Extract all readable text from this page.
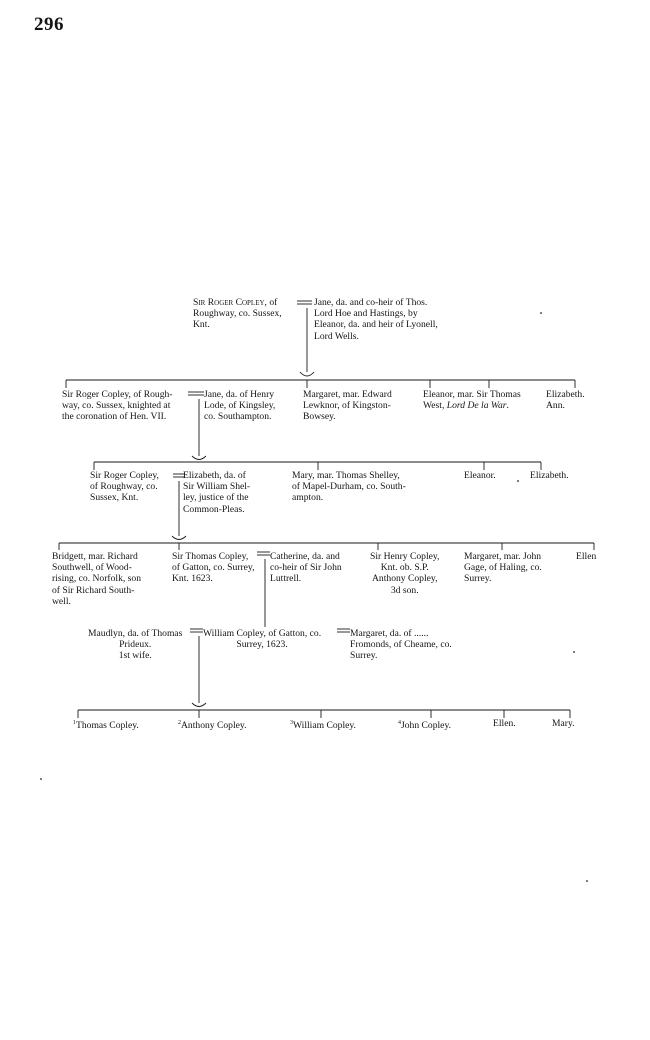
296
Sir Roger Copley, of
Roughway, co. Sussex,
Knt.
Jane, da. and co-heir of Thos.
Lord Hoe and Hastings, by
Eleanor, da. and heir of Lyonell,
Lord Wells.
Sir Roger Copley, of Rough-
way, co. Sussex, knighted at
the coronation of Hen. VII.
Jane, da. of Henry
Lode, of Kingsley,
co. Southampton.
Margaret, mar. Edward
Lewknor, of Kingston-
Bowsey.
Eleanor, mar. Sir Thomas
West, Lord De la War.
Elizabeth.
Ann.
Sir Roger Copley,
of Roughway, co.
Sussex, Knt.
Elizabeth, da. of
Sir William Shel-
ley, justice of the
Common-Pleas.
Mary, mar. Thomas Shelley,
of Mapel-Durham, co. South-
ampton.
Eleanor.	Elizabeth.
Bridgett, mar. Richard
Southwell, of Wood-
rising, co. Norfolk, son
of Sir Richard South-
well.
Sir Thomas Copley,
of Gatton, co. Surrey,
Knt. 1623.
Catherine, da. and
co-heir of Sir John
Luttrell.
Sir Henry Copley,
Knt. ob. S.P.
Anthony Copley,
3d son.
Margaret, mar. John
Gage, of Haling, co.
Surrey.
Ellen
Maudlyn, da. of Thomas
Prideux.
1st wife.
William Copley, of Gatton, co.
Surrey, 1623.
Margaret, da. of ......
Fromonds, of Cheame, co.
Surrey.
$^1$Thomas Copley.	$^2$Anthony Copley.	$^3$William Copley.	$^4$John Copley.	Ellen.	Mary.
